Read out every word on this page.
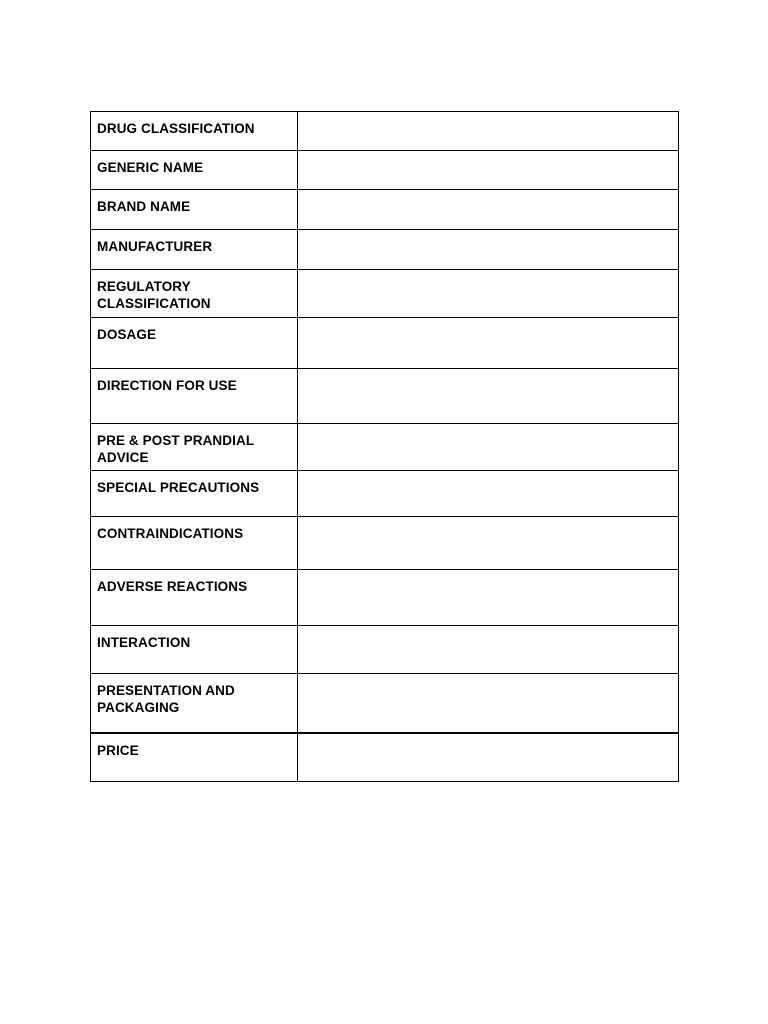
DRUG CLASSIFICATION	
GENERIC NAME	
BRAND NAME	
MANUFACTURER	
REGULATORY CLASSIFICATION	
DOSAGE	
DIRECTION FOR USE	
PRE & POST PRANDIAL ADVICE	
SPECIAL PRECAUTIONS	
CONTRAINDICATIONS	
ADVERSE REACTIONS	
INTERACTION	
PRESENTATION AND PACKAGING	
PRICE	
